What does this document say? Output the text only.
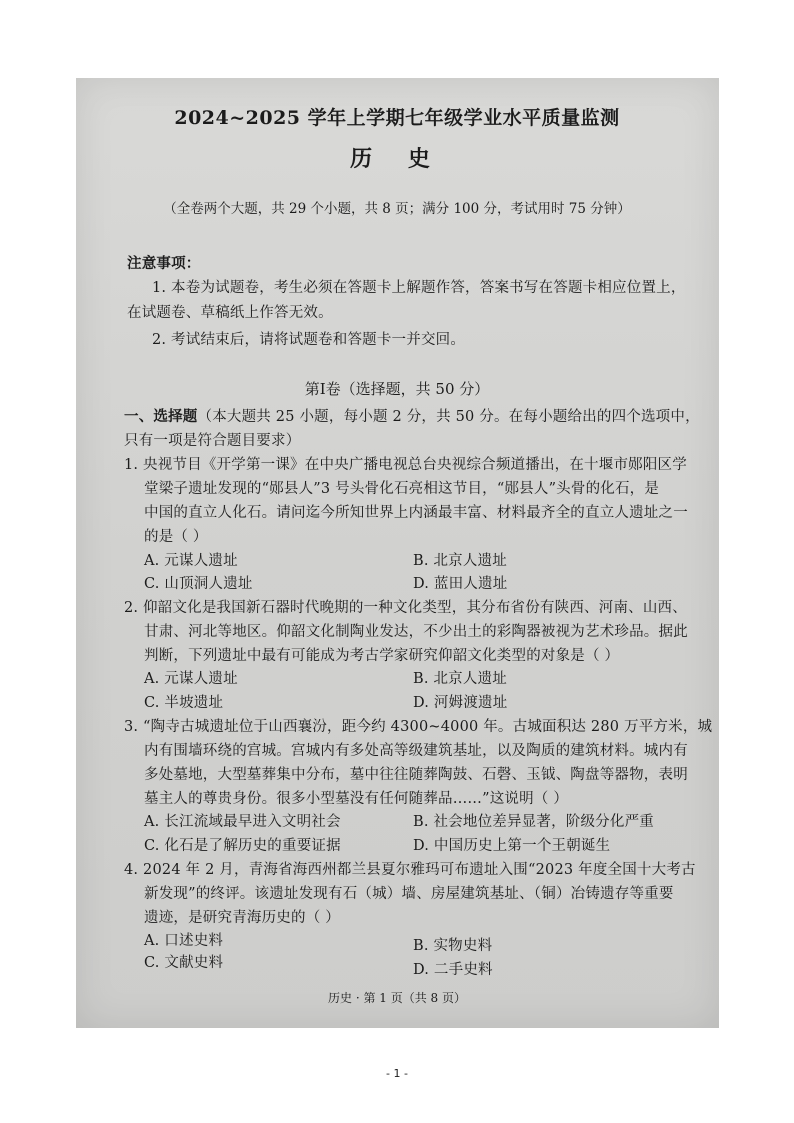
2024~2025 学年上学期七年级学业水平质量监测
历 史
（全卷两个大题，共 29 个小题，共 8 页；满分 100 分，考试用时 75 分钟）
注意事项：
1. 本卷为试题卷，考生必须在答题卡上解题作答，答案书写在答题卡相应位置上，
在试题卷、草稿纸上作答无效。
2. 考试结束后，请将试题卷和答题卡一并交回。
第Ⅰ卷（选择题，共 50 分）
一、选择题（本大题共 25 小题，每小题 2 分，共 50 分。在每小题给出的四个选项中，
只有一项是符合题目要求）
1. 央视节目《开学第一课》在中央广播电视总台央视综合频道播出，在十堰市郧阳区学
堂梁子遗址发现的“郧县人”3 号头骨化石亮相这节目，“郧县人”头骨的化石，是
中国的直立人化石。请问迄今所知世界上内涵最丰富、材料最齐全的直立人遗址之一
的是（ ）
A. 元谋人遗址	B. 北京人遗址
C. 山顶洞人遗址	D. 蓝田人遗址
2. 仰韶文化是我国新石器时代晚期的一种文化类型，其分布省份有陕西、河南、山西、
甘肃、河北等地区。仰韶文化制陶业发达，不少出土的彩陶器被视为艺术珍品。据此
判断，下列遗址中最有可能成为考古学家研究仰韶文化类型的对象是（ ）
A. 元谋人遗址	B. 北京人遗址
C. 半坡遗址	D. 河姆渡遗址
3. “陶寺古城遗址位于山西襄汾，距今约 4300~4000 年。古城面积达 280 万平方米，城
内有围墙环绕的宫城。宫城内有多处高等级建筑基址，以及陶质的建筑材料。城内有
多处墓地，大型墓葬集中分布，墓中往往随葬陶鼓、石磬、玉钺、陶盘等器物，表明
墓主人的尊贵身份。很多小型墓没有任何随葬品……”这说明（ ）
A. 长江流域最早进入文明社会	B. 社会地位差异显著，阶级分化严重
C. 化石是了解历史的重要证据	D. 中国历史上第一个王朝诞生
4. 2024 年 2 月，青海省海西州都兰县夏尔雅玛可布遗址入围“2023 年度全国十大考古
新发现”的终评。该遗址发现有石（城）墙、房屋建筑基址、（铜）冶铸遗存等重要
遗迹，是研究青海历史的（ ）
A. 口述史料	B. 实物史料
C. 文献史料	D. 二手史料
历史 · 第 1 页（共 8 页）
- 1 -
